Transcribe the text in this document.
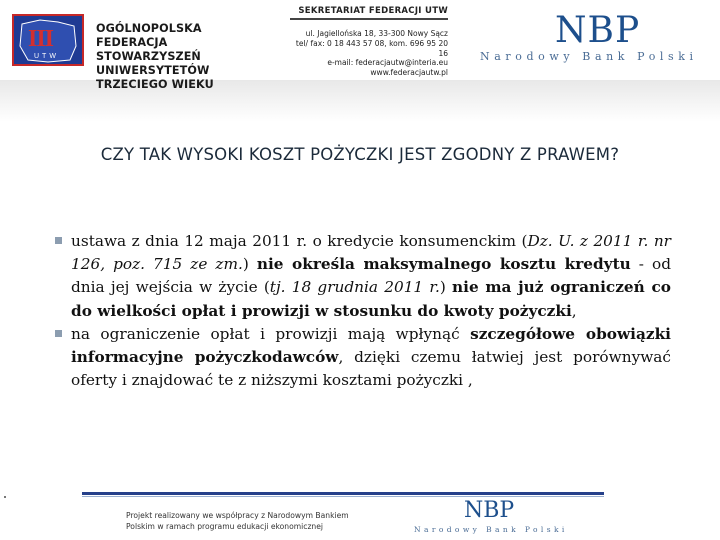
III
UTW
OGÓLNOPOLSKA
FEDERACJA STOWARZYSZEŃ
UNIWERSYTETÓW TRZECIEGO WIEKU
SEKRETARIAT FEDERACJI UTW
ul. Jagiellońska 18, 33-300 Nowy Sącz
tel/ fax: 0 18 443 57 08, kom. 696 95 20 16
e-mail: federacjautw@interia.eu
www.federacjautw.pl
NBP
Narodowy Bank Polski
CZY TAK WYSOKI KOSZT POŻYCZKI JEST ZGODNY Z PRAWEM?
ustawa z dnia 12 maja 2011 r. o kredycie konsumenckim (Dz. U. z 2011 r. nr 126, poz. 715 ze zm.) nie określa maksymalnego kosztu kredytu - od dnia jej wejścia w życie (tj. 18 grudnia 2011 r.) nie ma już ograniczeń co do wielkości opłat i prowizji w stosunku do kwoty pożyczki,
na ograniczenie opłat i prowizji mają wpłynąć szczegółowe obowiązki informacyjne pożyczkodawców, dzięki czemu łatwiej jest porównywać oferty i znajdować te z niższymi kosztami pożyczki ,
Projekt realizowany we współpracy z Narodowym Bankiem
Polskim w ramach programu edukacji ekonomicznej
NBP
Narodowy Bank Polski
